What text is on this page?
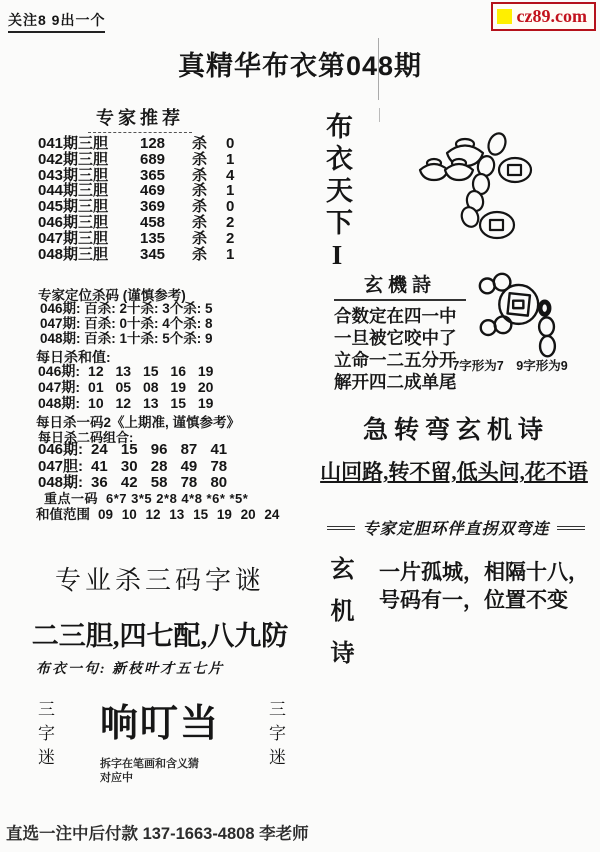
关注8 9出一个	cz89.com
真精华布衣第048期
专家推荐
041期三胆	128	杀	0
042期三胆	689	杀	1
043期三胆	365	杀	4
044期三胆	469	杀	1
045期三胆	369	杀	0
046期三胆	458	杀	2
047期三胆	135	杀	2
048期三胆	345	杀	1
专家定位杀码 (谨慎参考)
046期: 百杀: 2十杀: 3个杀: 5
047期: 百杀: 0十杀: 4个杀: 8
048期: 百杀: 1十杀: 5个杀: 9
每日杀和值:
046期: 12 13 15 16 19
047期: 01 05 08 19 20
048期: 10 12 13 15 19
每日杀一码2《上期准, 谨慎参考》
每日杀二码组合:
046期: 24 15 96 87 41
047胆: 41 30 28 49 78
048期: 36 42 58 78 80
重点一码 6*7 3*5 2*8 4*8 *6* *5*
和值范围 09 10 12 13 15 19 20 24
专业杀三码字谜
二三胆,四七配,八九防
布衣一句: 新枝叶才五七片
三字迷 响叮当
拆字在笔画和含义猜
对应中
三字迷
布衣天下I
玄機詩
合数定在四一中
一旦被它咬中了
立命一二五分开
解开四二成单尾
7字形为7　9字形为9
急转弯玄机诗
山回路,转不留,低头问,花不语
专家定胆环伴直拐双弯连
玄机诗 一片孤城，相隔十八，
号码有一，位置不变
直选一注中后付款 137-1663-4808 李老师
